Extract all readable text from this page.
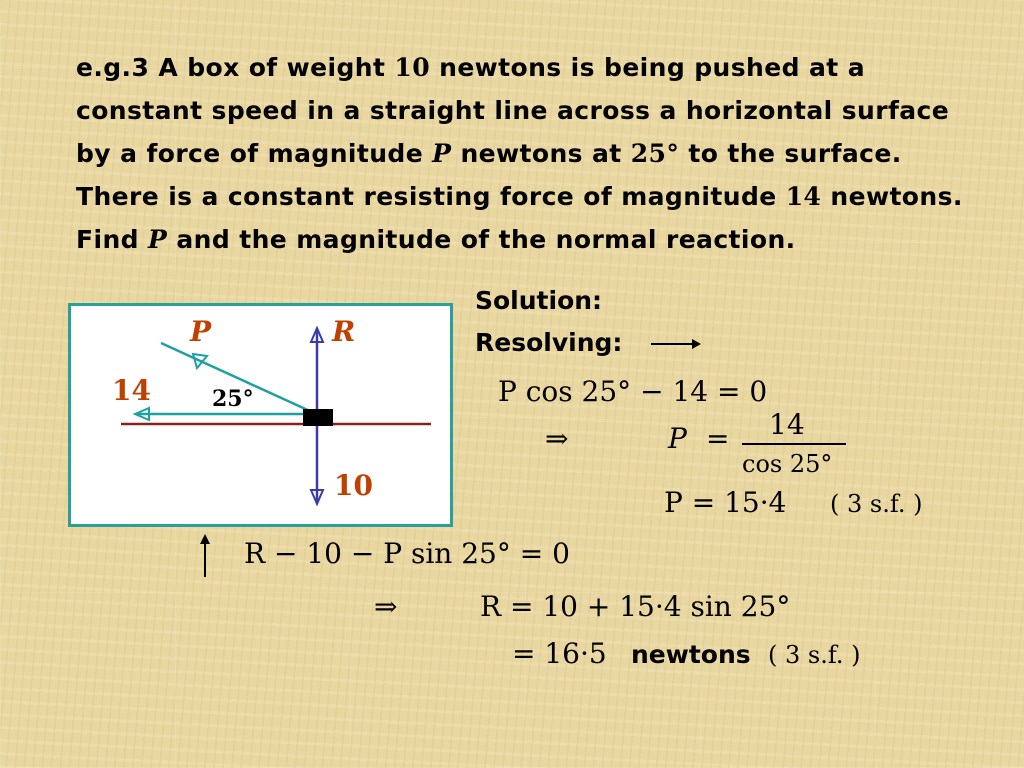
e.g.3 A box of weight 10 newtons is being pushed at a constant speed in a straight line across a horizontal surface by a force of magnitude P newtons at 25° to the surface. There is a constant resisting force of magnitude 14 newtons. Find P and the magnitude of the normal reaction.

P	R
14	25°
10
Solution:
Resolving:
P cos 25° − 14 = 0
⇒	P = 14
cos 25°
P = 15·4 ( 3 s.f. )
R − 10 − P sin 25° = 0
⇒	R = 10 + 15·4 sin 25°
= 16·5 newtons ( 3 s.f. )
